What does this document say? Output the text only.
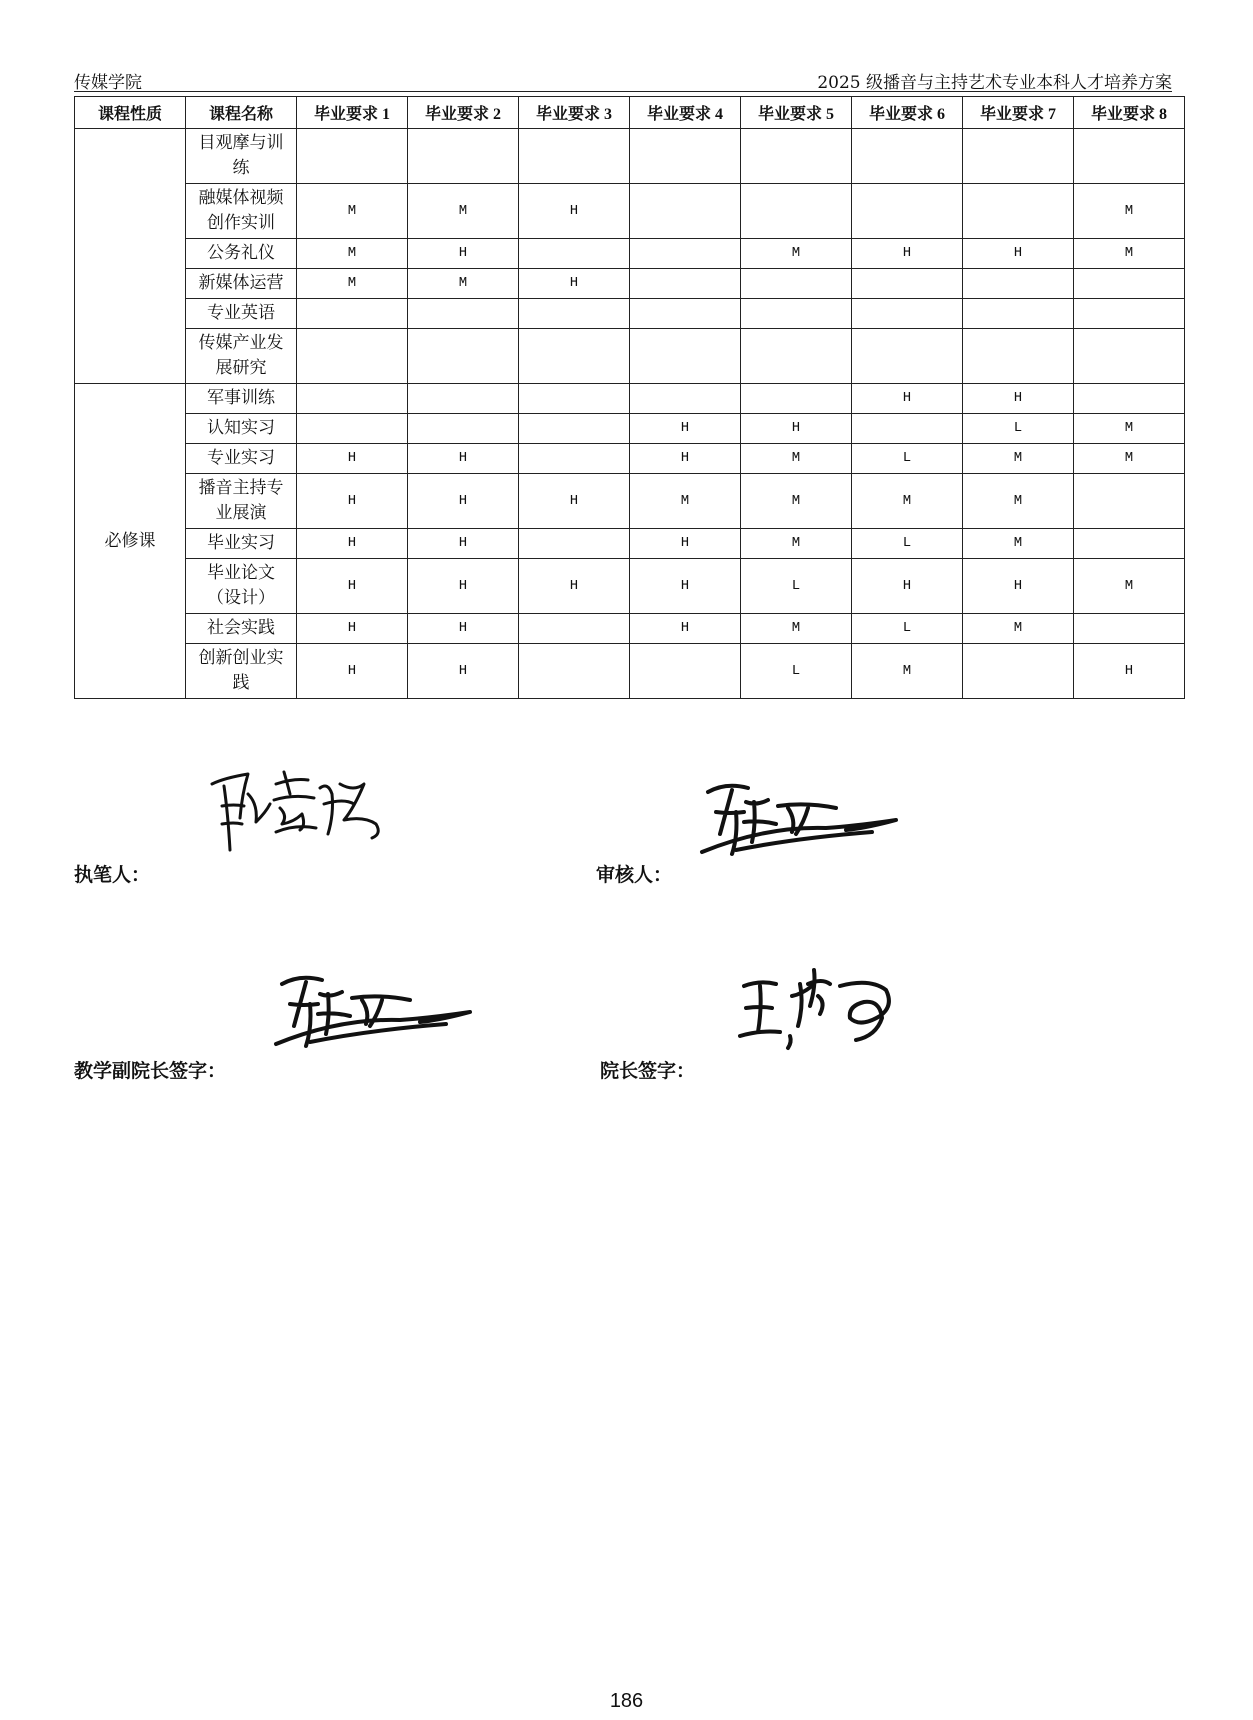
传媒学院	2025 级播音与主持艺术专业本科人才培养方案
课程性质	课程名称	毕业要求 1	毕业要求 2	毕业要求 3	毕业要求 4	毕业要求 5	毕业要求 6	毕业要求 7	毕业要求 8
	目观摩与训练								
	融媒体视频创作实训	M	M	H					M
	公务礼仪	M	H			M	H	H	M
	新媒体运营	M	M	H					
	专业英语								
	传媒产业发展研究								
必修课	军事训练						H	H	
	认知实习				H	H		L	M
	专业实习	H	H		H	M	L	M	M
	播音主持专业展演	H	H	H	M	M	M	M	
	毕业实习	H	H		H	M	L	M	
	毕业论文（设计）	H	H	H	H	L	H	H	M
	社会实践	H	H		H	M	L	M	
	创新创业实践	H	H			L	M		H
执笔人：	审核人：
教学副院长签字：	院长签字：
186
